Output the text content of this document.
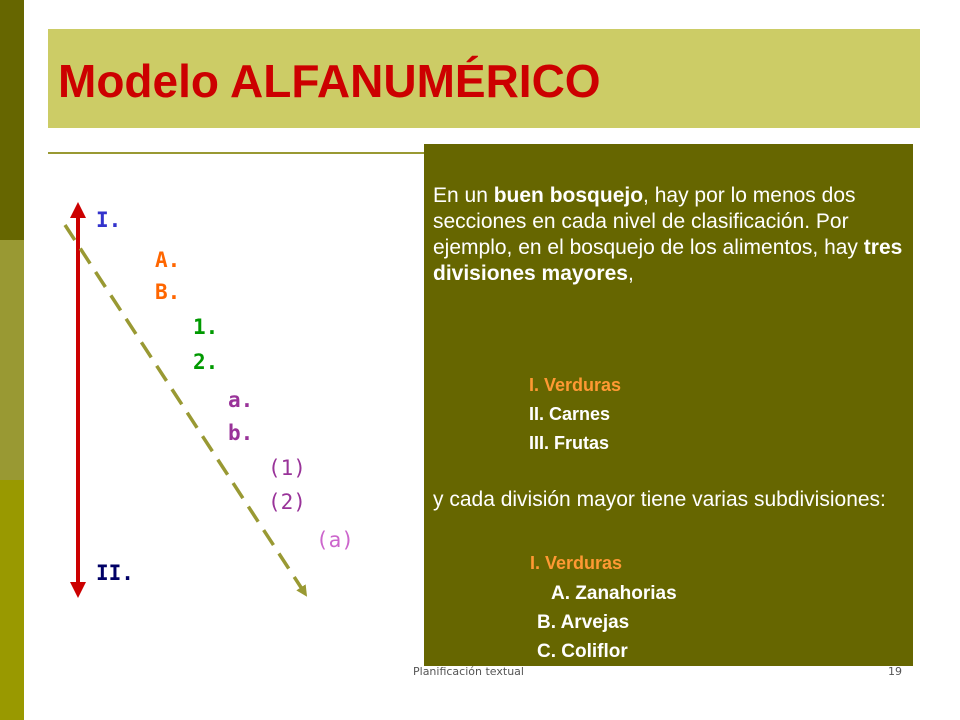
Modelo ALFANUMÉRICO
I.
A.
B.
1.
2.
a.
b.
(1)
(2)
(a)
II.

En un buen bosquejo, hay por lo menos dos secciones en cada nivel de clasificación. Por ejemplo, en el bosquejo de los alimentos, hay tres divisiones mayores,

I. Verduras
II. Carnes
III. Frutas

y cada división mayor tiene varias subdivisiones:

I. Verduras
A. Zanahorias
B. Arvejas
C. Coliflor
Planificación textual	19
